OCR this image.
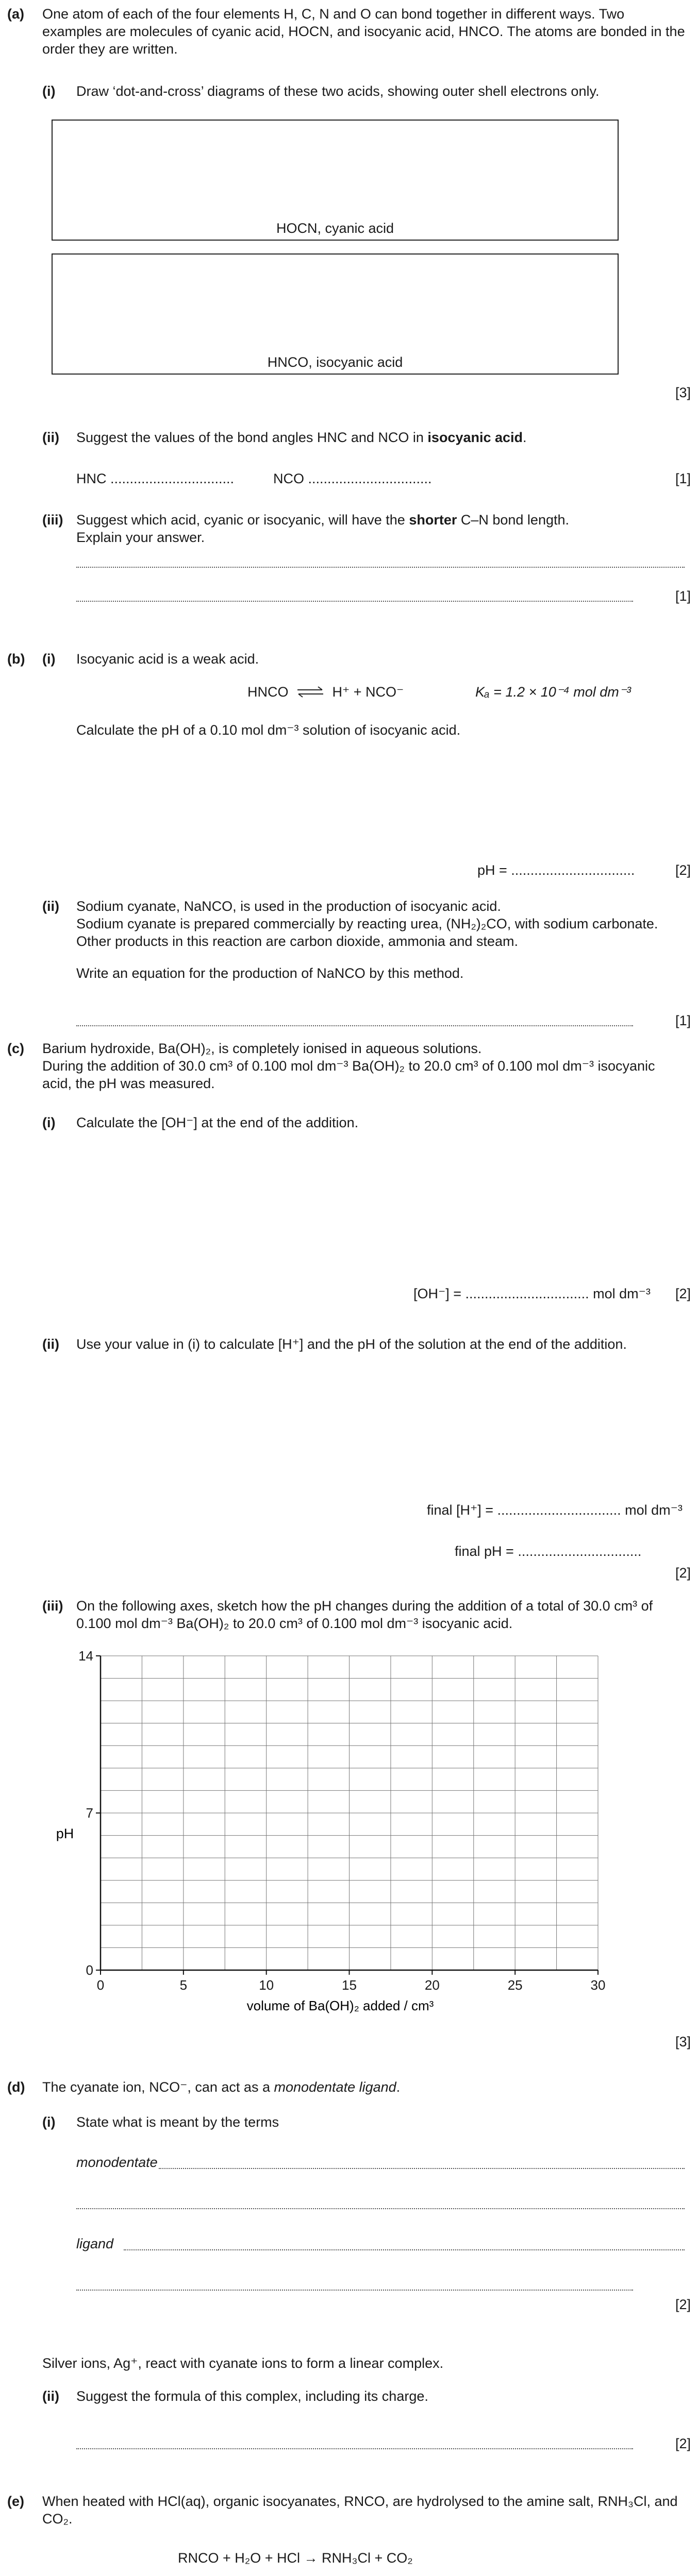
(a) One atom of each of the four elements H, C, N and O can bond together in different ways. Two examples are molecules of cyanic acid, HOCN, and isocyanic acid, HNCO. The atoms are bonded in the order they are written.
(i) Draw ‘dot-and-cross’ diagrams of these two acids, showing outer shell electrons only.
HOCN, cyanic acid
HNCO, isocyanic acid
[3]
(ii) Suggest the values of the bond angles HNC and NCO in isocyanic acid.
HNC ................................	NCO ................................	[1]
(iii) Suggest which acid, cyanic or isocyanic, will have the shorter C–N bond length.
Explain your answer.
[1]
(b) (i) Isocyanic acid is a weak acid.
HNCO ⇌ H⁺ + NCO⁻	Kₐ = 1.2 × 10⁻⁴ mol dm⁻³
Calculate the pH of a 0.10 mol dm⁻³ solution of isocyanic acid.
pH = ................................	[2]
(ii) Sodium cyanate, NaNCO, is used in the production of isocyanic acid.
Sodium cyanate is prepared commercially by reacting urea, (NH₂)₂CO, with sodium carbonate. Other products in this reaction are carbon dioxide, ammonia and steam.
Write an equation for the production of NaNCO by this method.
[1]
(c) Barium hydroxide, Ba(OH)₂, is completely ionised in aqueous solutions.
During the addition of 30.0 cm³ of 0.100 mol dm⁻³ Ba(OH)₂ to 20.0 cm³ of 0.100 mol dm⁻³ isocyanic acid, the pH was measured.
(i) Calculate the [OH⁻] at the end of the addition.
[OH⁻] = ................................ mol dm⁻³ [2]
(ii) Use your value in (i) to calculate [H⁺] and the pH of the solution at the end of the addition.
final [H⁺] = ................................ mol dm⁻³
final pH = ................................
[2]
(iii) On the following axes, sketch how the pH changes during the addition of a total of 30.0 cm³ of 0.100 mol dm⁻³ Ba(OH)₂ to 20.0 cm³ of 0.100 mol dm⁻³ isocyanic acid.
0	5	10	15	20	25	30
0
7
14
volume of Ba(OH)₂ added / cm³
pH
[3]
(d) The cyanate ion, NCO⁻, can act as a monodentate ligand.
(i) State what is meant by the terms
monodentate
ligand
[2]
Silver ions, Ag⁺, react with cyanate ions to form a linear complex.
(ii) Suggest the formula of this complex, including its charge.
[2]
(e) When heated with HCl(aq), organic isocyanates, RNCO, are hydrolysed to the amine salt, RNH₃Cl, and CO₂.
RNCO + H₂O + HCl → RNH₃Cl + CO₂
